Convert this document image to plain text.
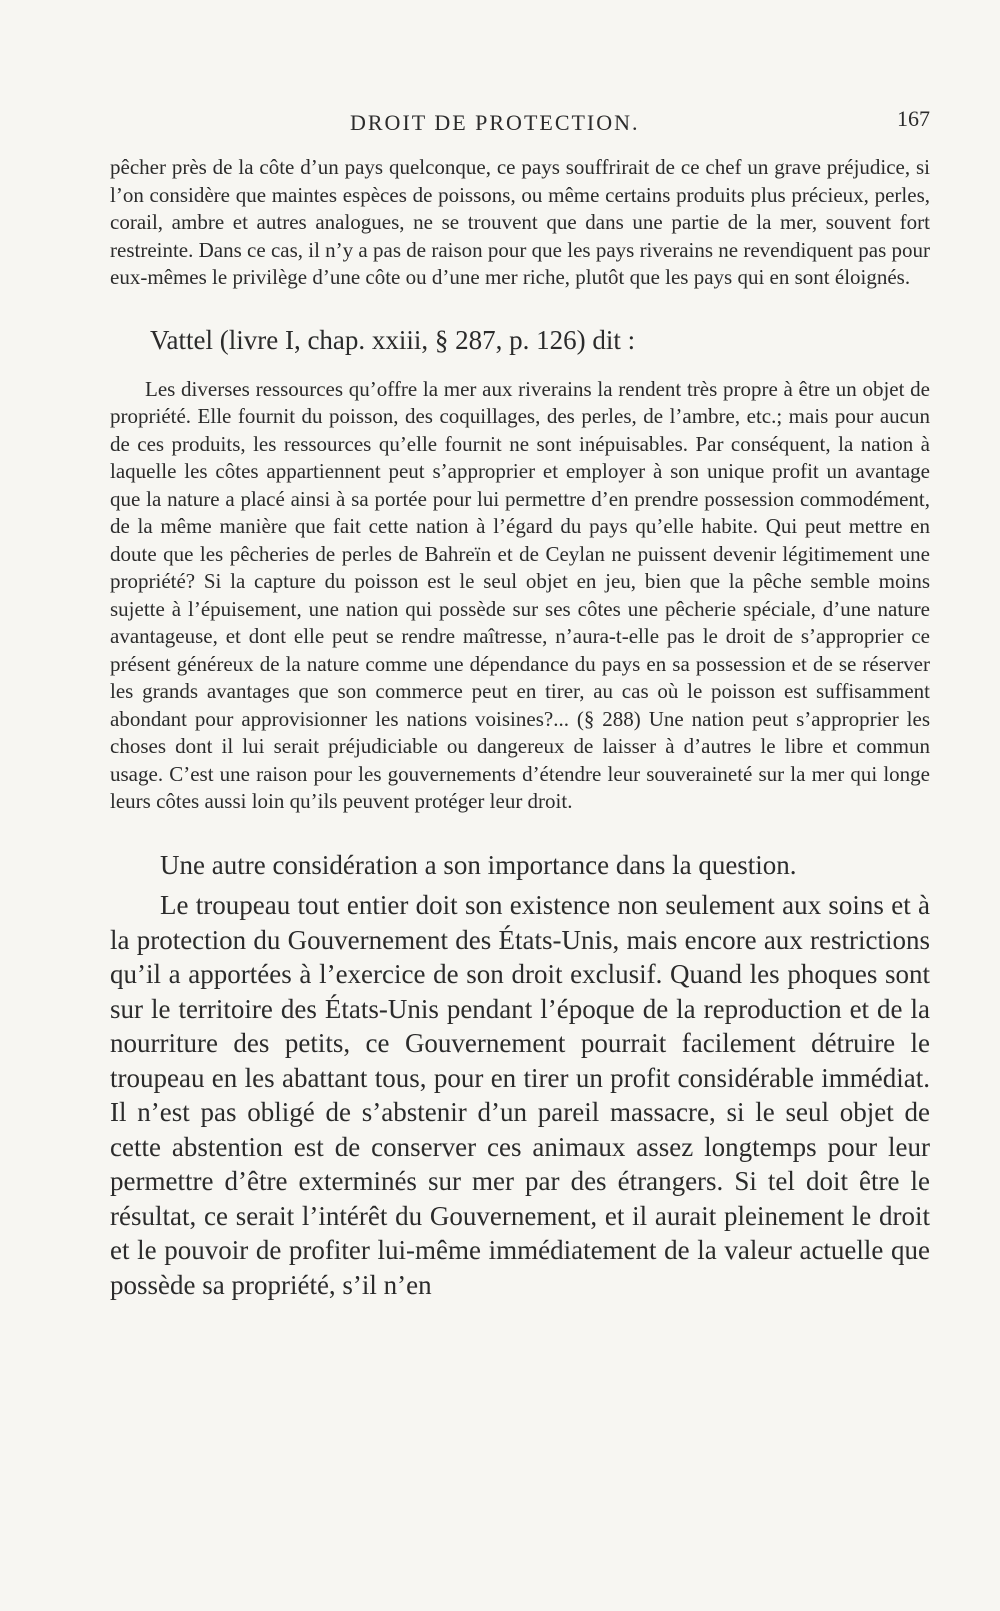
DROIT DE PROTECTION.	167

pêcher près de la côte d’un pays quelconque, ce pays souffrirait de ce chef un grave préjudice, si l’on considère que maintes espèces de poissons, ou même certains produits plus précieux, perles, corail, ambre et autres analogues, ne se trouvent que dans une partie de la mer, souvent fort restreinte. Dans ce cas, il n’y a pas de raison pour que les pays riverains ne revendiquent pas pour eux-mêmes le privilège d’une côte ou d’une mer riche, plutôt que les pays qui en sont éloignés.

Vattel (livre I, chap. xxiii, § 287, p. 126) dit :

Les diverses ressources qu’offre la mer aux riverains la rendent très propre à être un objet de propriété. Elle fournit du poisson, des coquillages, des perles, de l’ambre, etc.; mais pour aucun de ces produits, les ressources qu’elle fournit ne sont inépuisables. Par conséquent, la nation à laquelle les côtes appartiennent peut s’approprier et employer à son unique profit un avantage que la nature a placé ainsi à sa portée pour lui permettre d’en prendre possession commodément, de la même manière que fait cette nation à l’égard du pays qu’elle habite. Qui peut mettre en doute que les pêcheries de perles de Bahreïn et de Ceylan ne puissent devenir légitimement une propriété? Si la capture du poisson est le seul objet en jeu, bien que la pêche semble moins sujette à l’épuisement, une nation qui possède sur ses côtes une pêcherie spéciale, d’une nature avantageuse, et dont elle peut se rendre maîtresse, n’aura-t-elle pas le droit de s’approprier ce présent généreux de la nature comme une dépendance du pays en sa possession et de se réserver les grands avantages que son commerce peut en tirer, au cas où le poisson est suffisamment abondant pour approvisionner les nations voisines?... (§ 288) Une nation peut s’approprier les choses dont il lui serait préjudiciable ou dangereux de laisser à d’autres le libre et commun usage. C’est une raison pour les gouvernements d’étendre leur souveraineté sur la mer qui longe leurs côtes aussi loin qu’ils peuvent protéger leur droit.

Une autre considération a son importance dans la question.

Le troupeau tout entier doit son existence non seulement aux soins et à la protection du Gouvernement des États-Unis, mais encore aux restrictions qu’il a apportées à l’exercice de son droit exclusif. Quand les phoques sont sur le territoire des États-Unis pendant l’époque de la reproduction et de la nourriture des petits, ce Gouvernement pourrait facilement détruire le troupeau en les abattant tous, pour en tirer un profit considérable immédiat. Il n’est pas obligé de s’abstenir d’un pareil massacre, si le seul objet de cette abstention est de conserver ces animaux assez longtemps pour leur permettre d’être exterminés sur mer par des étrangers. Si tel doit être le résultat, ce serait l’intérêt du Gouvernement, et il aurait pleinement le droit et le pouvoir de profiter lui-même immédiatement de la valeur actuelle que possède sa propriété, s’il n’en
